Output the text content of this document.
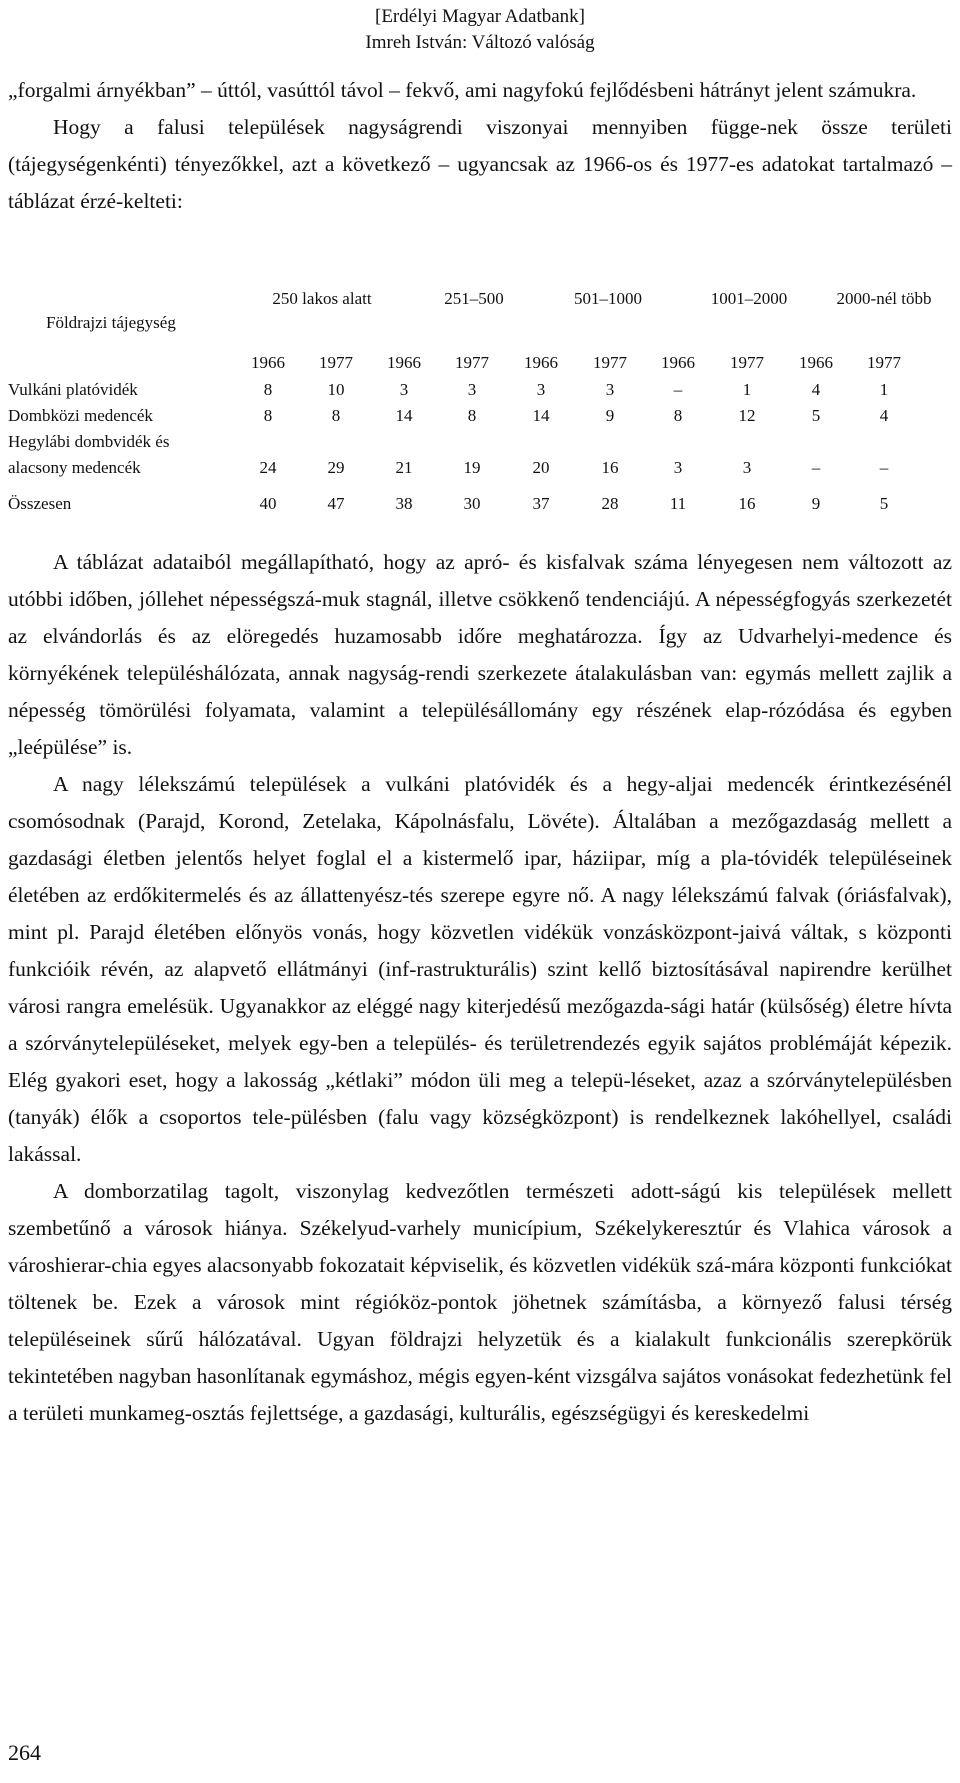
[Erdélyi Magyar Adatbank]
Imreh István: Változó valóság

„forgalmi árnyékban” – úttól, vasúttól távol – fekvő, ami nagyfokú fejlődésbeni hátrányt jelent számukra.

Hogy a falusi települések nagyságrendi viszonyai mennyiben függe-nek össze területi (tájegységenkénti) tényezőkkel, azt a következő – ugyancsak az 1966-os és 1977-es adatokat tartalmazó – táblázat érzé-kelteti:

Földrajzi tájegység
250 lakos alatt	251–500	501–1000	1001–2000	2000-nél több
1966	1977	1966	1977	1966	1977	1966	1977	1966	1977
Vulkáni platóvidék	8	10	3	3	3	3	–	1	4	1
Dombközi medencék	8	8	14	8	14	9	8	12	5	4
Hegylábi dombvidék és
alacsony medencék	24	29	21	19	20	16	3	3	–	–
Összesen	40	47	38	30	37	28	11	16	9	5

A táblázat adataiból megállapítható, hogy az apró- és kisfalvak száma lényegesen nem változott az utóbbi időben, jóllehet népességszá-muk stagnál, illetve csökkenő tendenciájú. A népességfogyás szerkezetét az elvándorlás és az elöregedés huzamosabb időre meghatározza. Így az Udvarhelyi-medence és környékének településhálózata, annak nagyság-rendi szerkezete átalakulásban van: egymás mellett zajlik a népesség tömörülési folyamata, valamint a településállomány egy részének elap-rózódása és egyben „leépülése” is.

A nagy lélekszámú települések a vulkáni platóvidék és a hegy-aljai medencék érintkezésénél csomósodnak (Parajd, Korond, Zetelaka, Kápolnásfalu, Lövéte). Általában a mezőgazdaság mellett a gazdasági életben jelentős helyet foglal el a kistermelő ipar, háziipar, míg a pla-tóvidék településeinek életében az erdőkitermelés és az állattenyész-tés szerepe egyre nő. A nagy lélekszámú falvak (óriásfalvak), mint pl. Parajd életében előnyös vonás, hogy közvetlen vidékük vonzásközpont-jaivá váltak, s központi funkcióik révén, az alapvető ellátmányi (inf-rastrukturális) szint kellő biztosításával napirendre kerülhet városi rangra emelésük. Ugyanakkor az eléggé nagy kiterjedésű mezőgazda-sági határ (külsőség) életre hívta a szórványtelepüléseket, melyek egy-ben a település- és területrendezés egyik sajátos problémáját képezik. Elég gyakori eset, hogy a lakosság „kétlaki” módon üli meg a telepü-léseket, azaz a szórványtelepülésben (tanyák) élők a csoportos tele-pülésben (falu vagy községközpont) is rendelkeznek lakóhellyel, családi lakással.

A domborzatilag tagolt, viszonylag kedvezőtlen természeti adott-ságú kis települések mellett szembetűnő a városok hiánya. Székelyud-varhely municípium, Székelykeresztúr és Vlahica városok a városhierar-chia egyes alacsonyabb fokozatait képviselik, és közvetlen vidékük szá-mára központi funkciókat töltenek be. Ezek a városok mint régióköz-pontok jöhetnek számításba, a környező falusi térség településeinek sűrű hálózatával. Ugyan földrajzi helyzetük és a kialakult funkcionális szerepkörük tekintetében nagyban hasonlítanak egymáshoz, mégis egyen-ként vizsgálva sajátos vonásokat fedezhetünk fel a területi munkameg-osztás fejlettsége, a gazdasági, kulturális, egészségügyi és kereskedelmi

264
